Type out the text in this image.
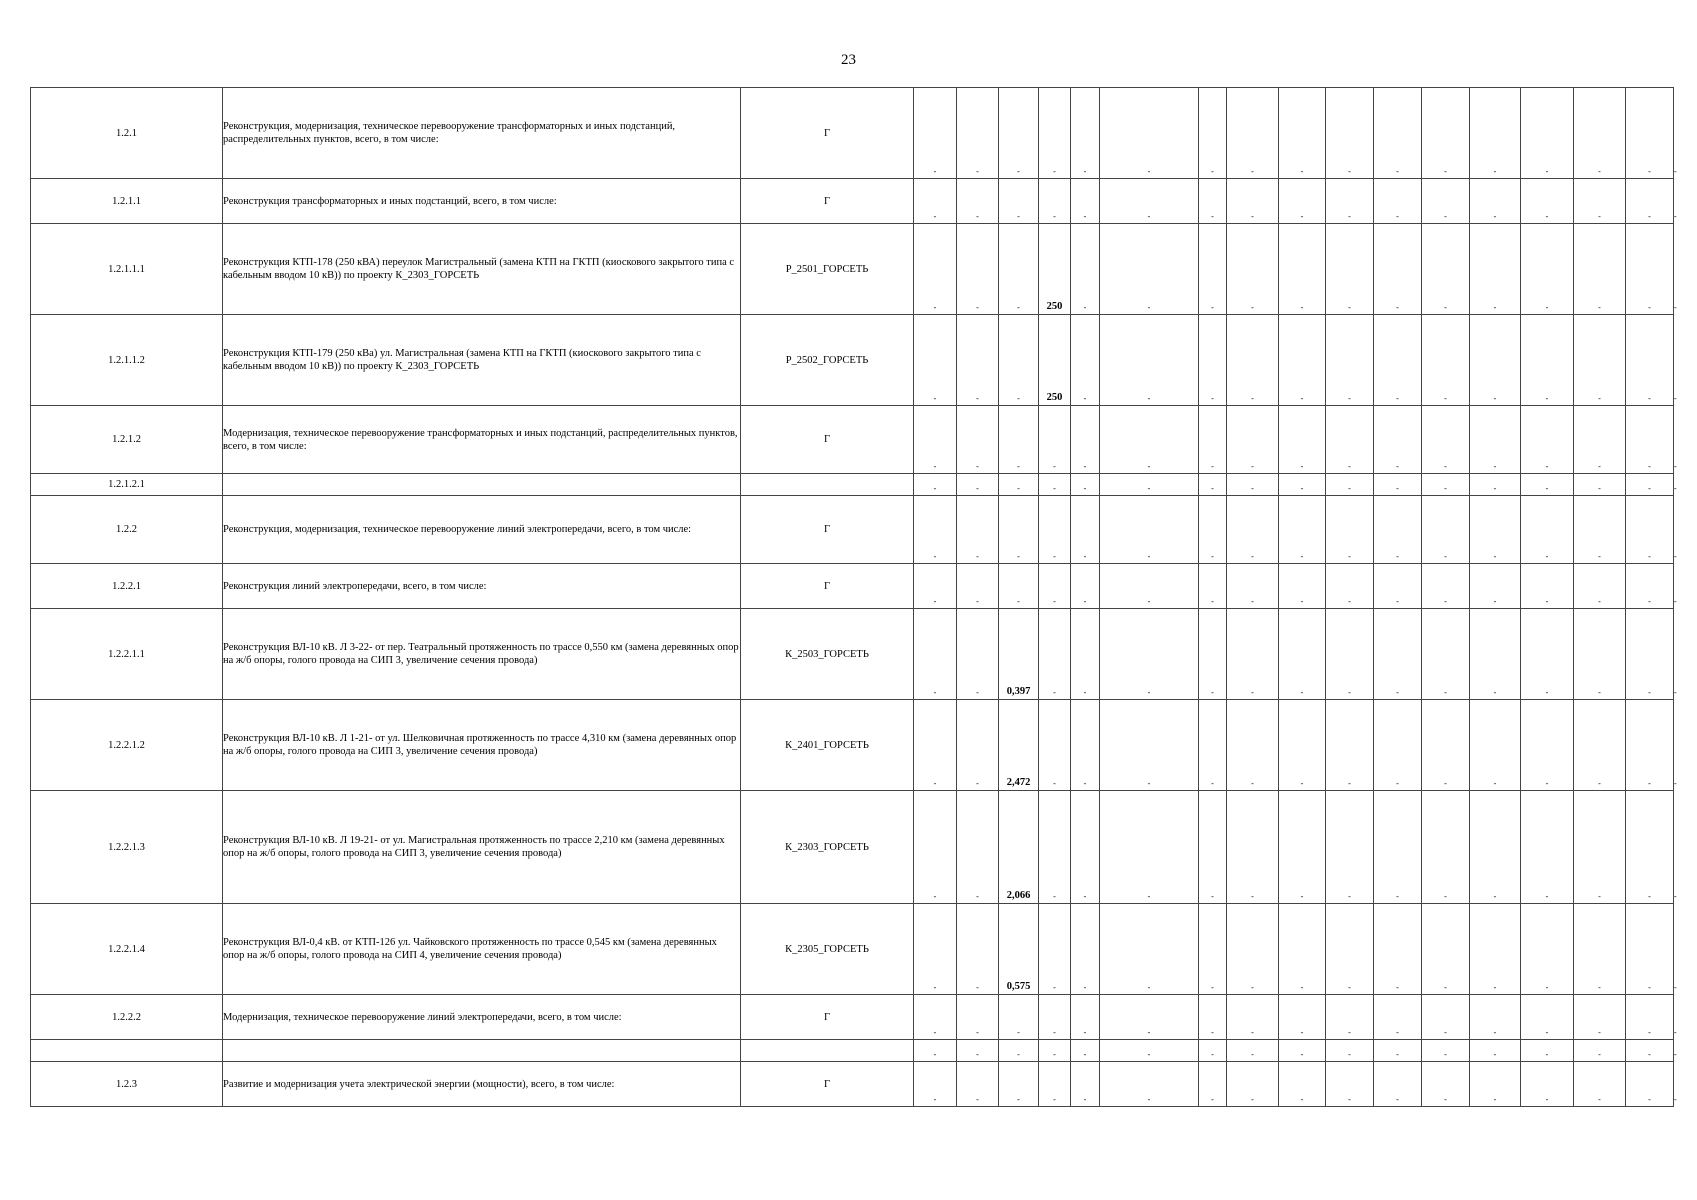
23
1.2.1	Реконструкция, модернизация, техническое перевооружение трансформаторных и иных подстанций, распределительных пунктов, всего, в том числе:	Г	-	-	-	-	-	-	-	-	-	-	-	-	-	-	-	-	-

1.2.1.1	Реконструкция трансформаторных и иных подстанций, всего, в том числе:	Г	-	-	-	-	-	-	-	-	-	-	-	-	-	-	-	-	-

1.2.1.1.1	Реконструкция КТП-178 (250 кВА) переулок Магистральный (замена КТП на ГКТП (киоскового закрытого типа с кабельным вводом 10 кВ)) по проекту К_2303_ГОРСЕТЬ	Р_2501_ГОРСЕТЬ	-	-	-	250	-	-	-	-	-	-	-	-	-	-	-	-	-

1.2.1.1.2	Реконструкция КТП-179 (250 кВа) ул. Магистральная (замена КТП на ГКТП (киоскового закрытого типа с кабельным вводом 10 кВ)) по проекту К_2303_ГОРСЕТЬ	Р_2502_ГОРСЕТЬ	-	-	-	250	-	-	-	-	-	-	-	-	-	-	-	-	-

1.2.1.2	Модернизация, техническое перевооружение трансформаторных и иных подстанций, распределительных пунктов, всего, в том числе:	Г	-	-	-	-	-	-	-	-	-	-	-	-	-	-	-	-	-

1.2.1.2.1			-	-	-	-	-	-	-	-	-	-	-	-	-	-	-	-	-

1.2.2	Реконструкция, модернизация, техническое перевооружение линий электропередачи, всего, в том числе:	Г	-	-	-	-	-	-	-	-	-	-	-	-	-	-	-	-	-

1.2.2.1	Реконструкция линий электропередачи, всего, в том числе:	Г	-	-	-	-	-	-	-	-	-	-	-	-	-	-	-	-	-

1.2.2.1.1	Реконструкция ВЛ-10 кВ. Л 3-22- от пер. Театральный протяженность по трассе 0,550 км (замена деревянных опор на ж/б опоры, голого провода на СИП 3, увеличение сечения провода)	К_2503_ГОРСЕТЬ	-	-	0,397	-	-	-	-	-	-	-	-	-	-	-	-	-	-

1.2.2.1.2	Реконструкция ВЛ-10 кВ. Л 1-21- от ул. Шелковичная протяженность по трассе 4,310 км (замена деревянных опор на ж/б опоры, голого провода на СИП 3, увеличение сечения провода)	К_2401_ГОРСЕТЬ	-	-	2,472	-	-	-	-	-	-	-	-	-	-	-	-	-	-

1.2.2.1.3	Реконструкция ВЛ-10 кВ. Л 19-21- от ул. Магистральная протяженность по трассе 2,210 км (замена деревянных опор на ж/б опоры, голого провода на СИП 3, увеличение сечения провода)	К_2303_ГОРСЕТЬ	-	-	2,066	-	-	-	-	-	-	-	-	-	-	-	-	-	-

1.2.2.1.4	Реконструкция ВЛ-0,4 кВ. от КТП-126 ул. Чайковского протяженность по трассе 0,545 км (замена деревянных опор на ж/б опоры, голого провода на СИП 4, увеличение сечения провода)	К_2305_ГОРСЕТЬ	-	-	0,575	-	-	-	-	-	-	-	-	-	-	-	-	-	-

1.2.2.2	Модернизация, техническое перевооружение линий электропередачи, всего, в том числе:	Г	-	-	-	-	-	-	-	-	-	-	-	-	-	-	-	-	-

			-	-	-	-	-	-	-	-	-	-	-	-	-	-	-	-	-

1.2.3	Развитие и модернизация учета электрической энергии (мощности), всего, в том числе:	Г	-	-	-	-	-	-	-	-	-	-	-	-	-	-	-	-	-
